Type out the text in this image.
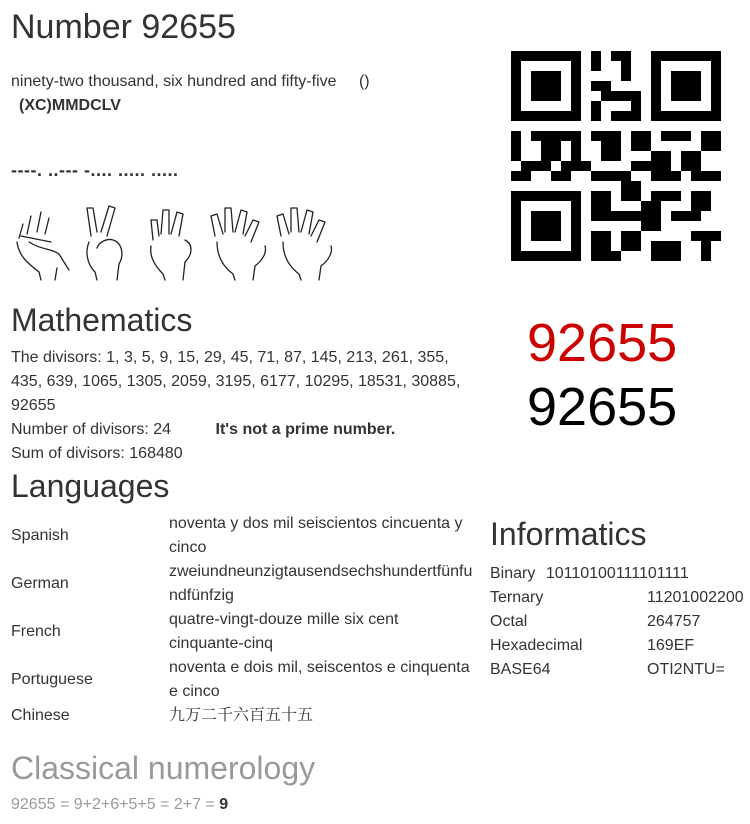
Number 92655
ninety-two thousand, six hundred and fifty-five () (XC)MMDCLV
----. ..--- -.... ..... .....
92655
92655
Mathematics
The divisors: 1, 3, 5, 9, 15, 29, 45, 71, 87, 145, 213, 261, 355, 435, 639, 1065, 1305, 2059, 3195, 6177, 10295, 18531, 30885, 92655
Number of divisors: 24	It's not a prime number.
Sum of divisors: 168480
Languages
Spanish	noventa y dos mil seiscientos cincuenta y cinco
German	zweiundneunzigtausendsechshundertfünfundfünfzig
French	quatre-vingt-douze mille six cent cinquante-cinq
Portuguese	noventa e dois mil, seiscentos e cinquenta e cinco
Chinese	九万二千六百五十五
Informatics
Binary 10110100111101111	
Ternary	11201002200
Octal	264757
Hexadecimal	169EF
BASE64	OTI2NTU=
Classical numerology
92655 = 9+2+6+5+5 = 2+7 = 9
